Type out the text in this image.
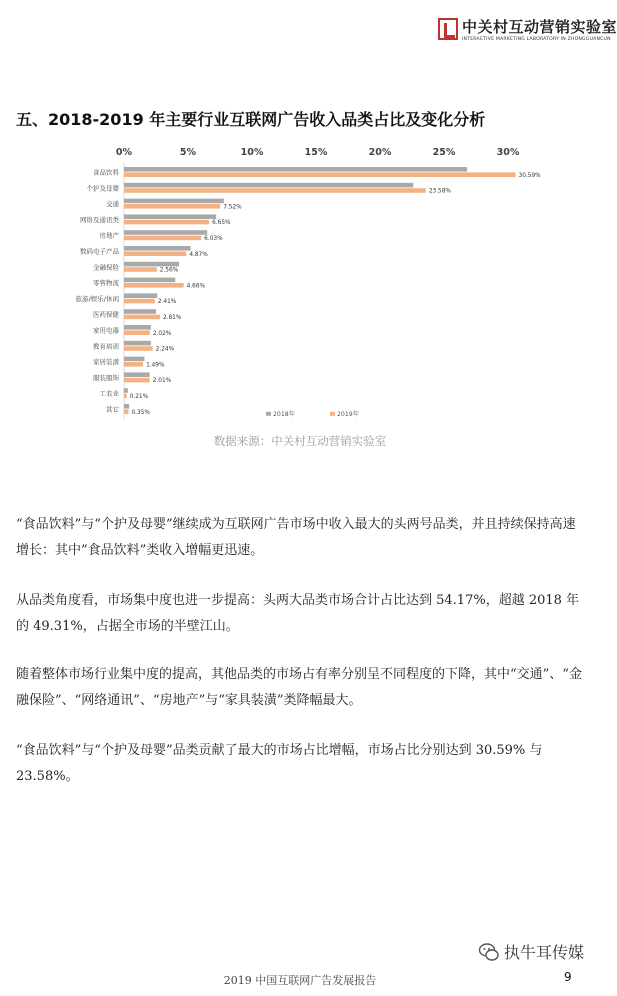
中关村互动营销实验室
INTERACTIVE MARKETING LABORATORY IN ZHONGGUANCUN
五、2018-2019 年主要行业互联网广告收入品类占比及变化分析
0%	5%	10%	15%	20%	25%	30%
食品饮料
个护及母婴
交通
网络及通讯类
房地产
数码电子产品
金融保险
零售物流
旅游/娱乐/休闲
医药保健
家用电器
教育培训
家居装潢
服装服饰
工农业
其它
30.59%
23.58%
7.52%
6.65%
6.03%
4.87%
2.56%
4.66%
2.41%
2.81%
2.02%
2.24%
1.49%
2.01%
0.21%
0.35%	2018年	2019年
数据来源：中关村互动营销实验室

“食品饮料”与“个护及母婴”继续成为互联网广告市场中收入最大的头两号品类，并且持续保持高速增长：其中”食品饮料”类收入增幅更迅速。

从品类角度看，市场集中度也进一步提高：头两大品类市场合计占比达到 54.17%，超越 2018 年的 49.31%，占据全市场的半壁江山。

随着整体市场行业集中度的提高，其他品类的市场占有率分别呈不同程度的下降，其中“交通”、“金融保险”、“网络通讯”、“房地产”与“家具装潢”类降幅最大。

“食品饮料”与“个护及母婴”品类贡献了最大的市场占比增幅，市场占比分别达到 30.59% 与 23.58%。

执牛耳传媒
2019 中国互联网广告发展报告	9
